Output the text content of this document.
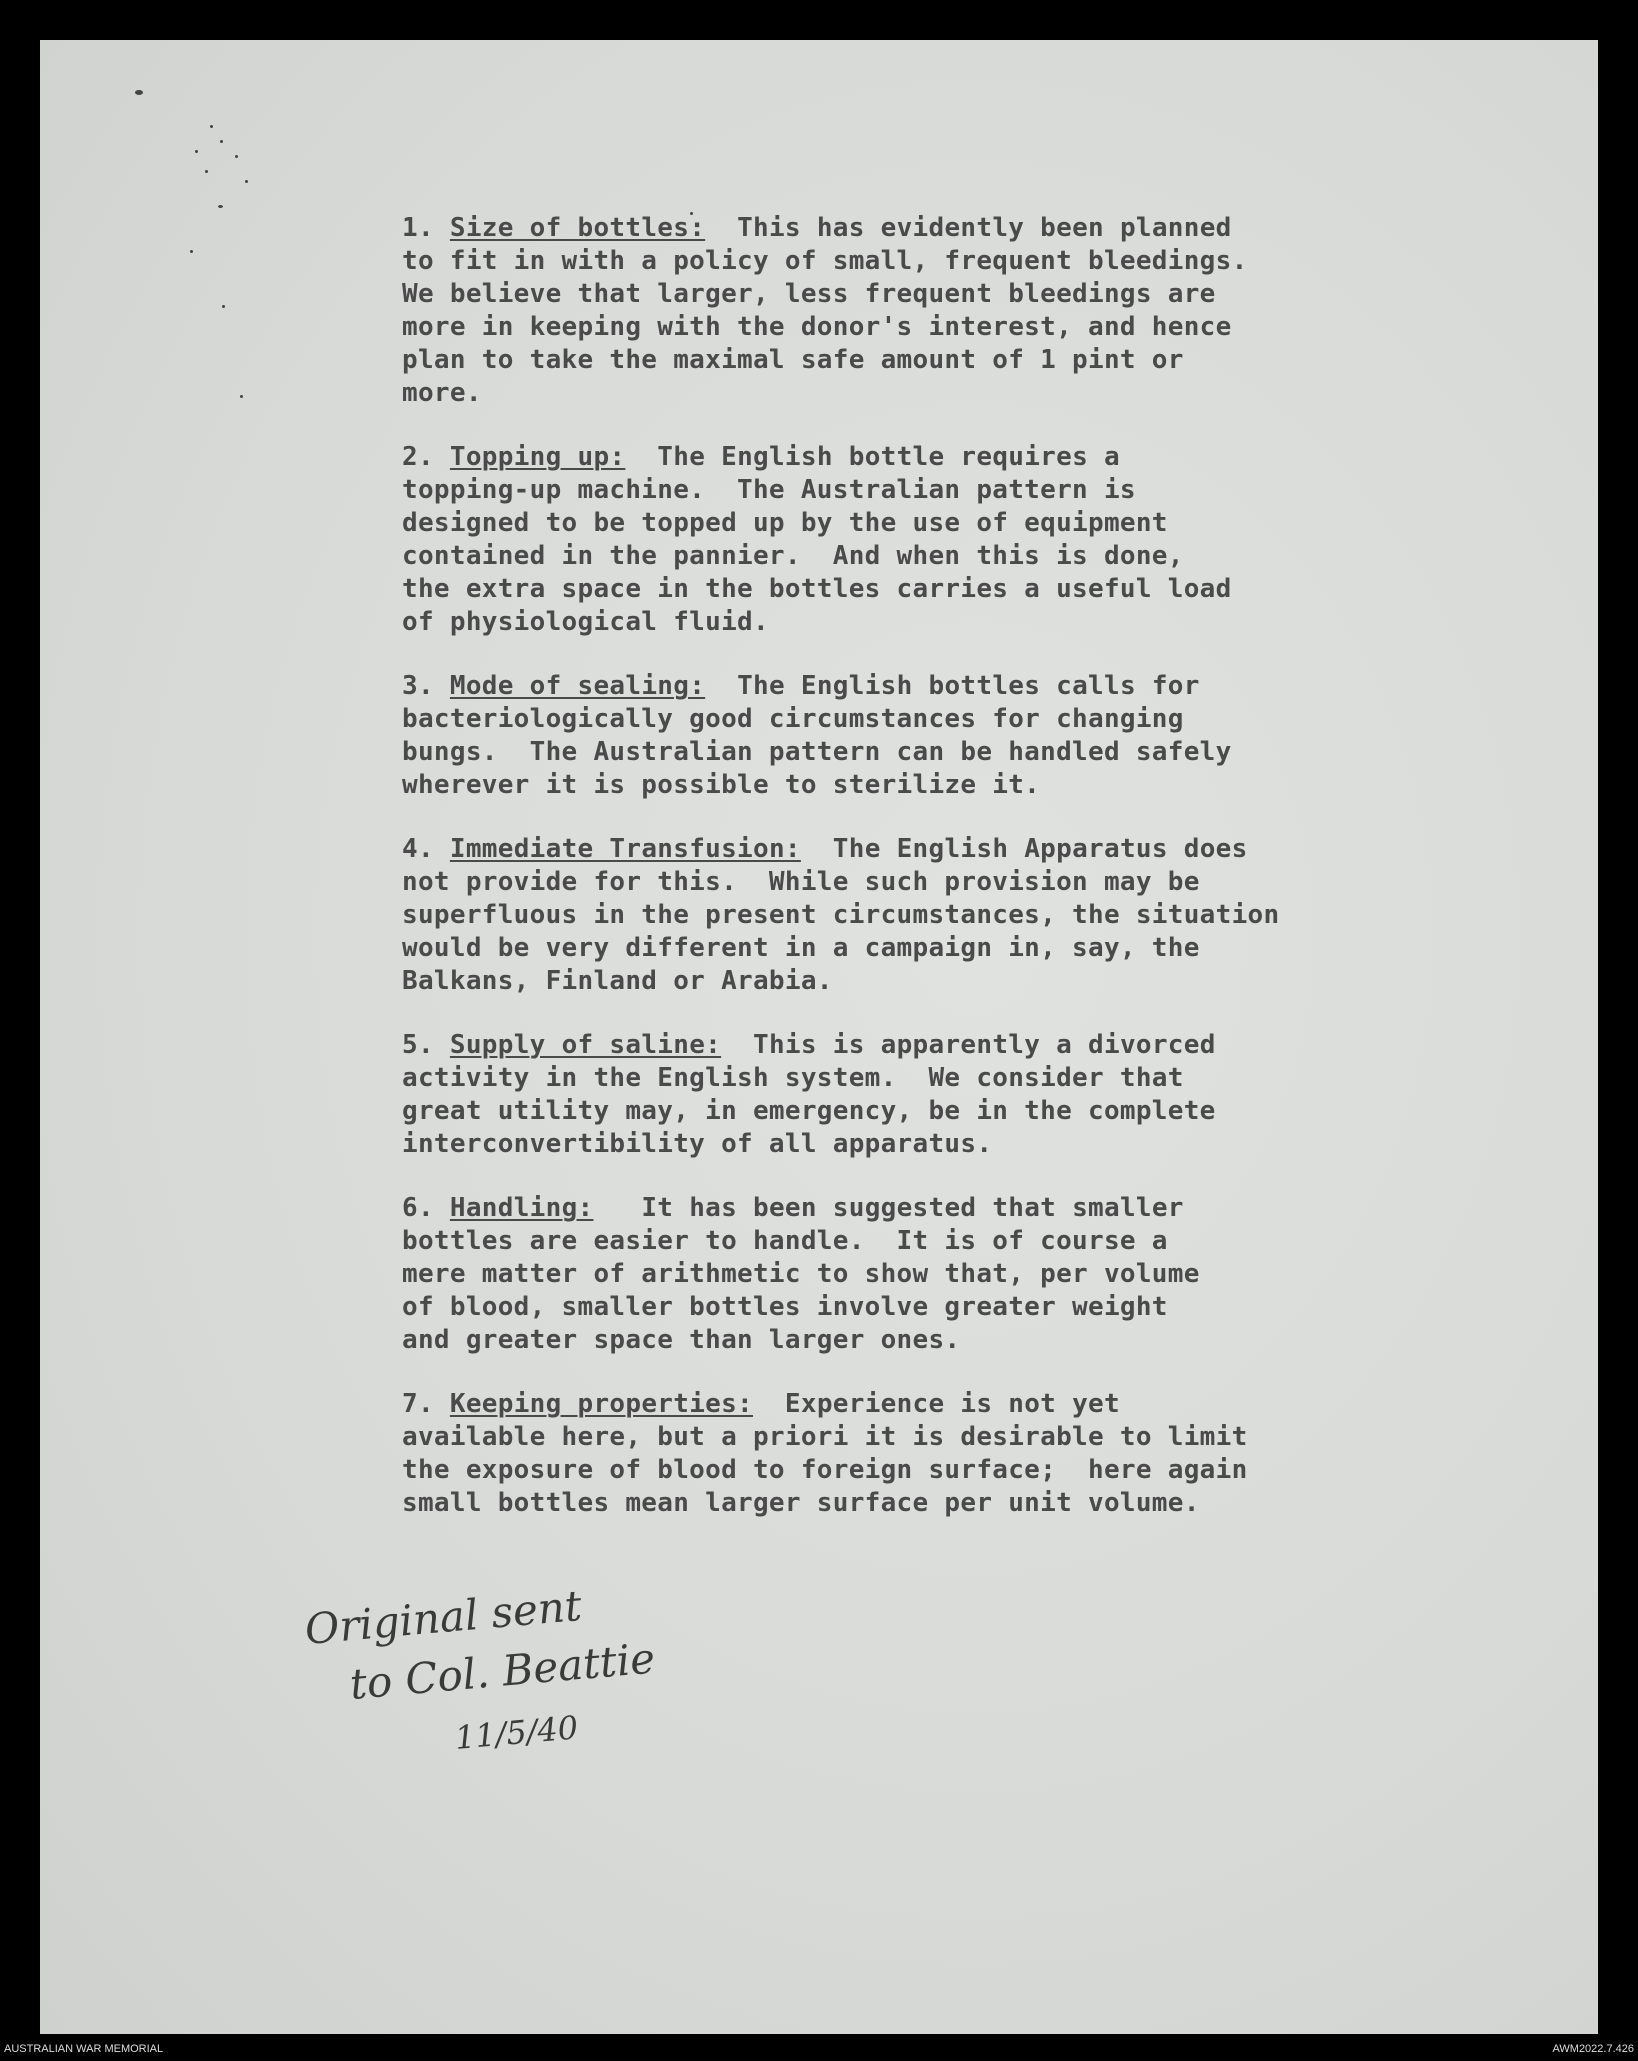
1. Size of bottles:  This has evidently been planned
to fit in with a policy of small, frequent bleedings.
We believe that larger, less frequent bleedings are
more in keeping with the donor's interest, and hence
plan to take the maximal safe amount of 1 pint or
more.
2. Topping up:  The English bottle requires a
topping-up machine.  The Australian pattern is
designed to be topped up by the use of equipment
contained in the pannier.  And when this is done,
the extra space in the bottles carries a useful load
of physiological fluid.
3. Mode of sealing:  The English bottles calls for
bacteriologically good circumstances for changing
bungs.  The Australian pattern can be handled safely
wherever it is possible to sterilize it.
4. Immediate Transfusion:  The English Apparatus does
not provide for this.  While such provision may be
superfluous in the present circumstances, the situation
would be very different in a campaign in, say, the
Balkans, Finland or Arabia.
5. Supply of saline:  This is apparently a divorced
activity in the English system.  We consider that
great utility may, in emergency, be in the complete
interconvertibility of all apparatus.
6. Handling:   It has been suggested that smaller
bottles are easier to handle.  It is of course a
mere matter of arithmetic to show that, per volume
of blood, smaller bottles involve greater weight
and greater space than larger ones.
7. Keeping properties:  Experience is not yet
available here, but a priori it is desirable to limit
the exposure of blood to foreign surface;  here again
small bottles mean larger surface per unit volume.
Original sent
to Col. Beattie
11/5/40
AUSTRALIAN WAR MEMORIAL	AWM2022.7.426
